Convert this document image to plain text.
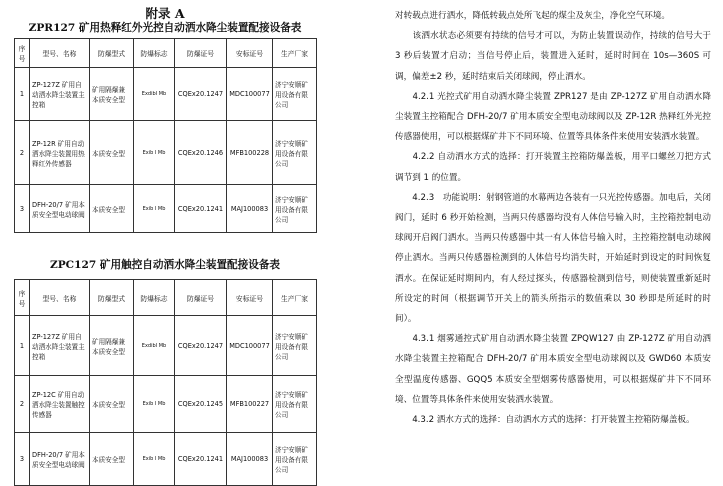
附录 A
ZPR127 矿用热释红外光控自动洒水降尘装置配接设备表
序号	型号、名称	防爆型式	防爆标志	防爆证号	安标证号	生产厂家
1	ZP-127Z 矿用自动洒水降尘装置主控箱	矿用隔爆兼本质安全型	ExdibI Mb	CQEx20.1247	MDC100077	济宁安顺矿用设备有限公司
2	ZP-12R 矿用自动洒水降尘装置用热释红外传感器	本质安全型	Exib I Mb	CQEx20.1246	MFB100228	济宁安顺矿用设备有限公司
3	DFH-20/7 矿用本质安全型电动球阀	本质安全型	Exib I Mb	CQEx20.1241	MAJ100083	济宁安顺矿用设备有限公司
ZPC127 矿用触控自动洒水降尘装置配接设备表
序号	型号、名称	防爆型式	防爆标志	防爆证号	安标证号	生产厂家
1	ZP-127Z 矿用自动洒水降尘装置主控箱	矿用隔爆兼本质安全型	ExdibI Mb	CQEx20.1247	MDC100077	济宁安顺矿用设备有限公司
2	ZP-12C 矿用自动洒水降尘装置触控传感器	本质安全型	Exib I Mb	CQEx20.1245	MFB100227	济宁安顺矿用设备有限公司
3	DFH-20/7 矿用本质安全型电动球阀	本质安全型	Exib I Mb	CQEx20.1241	MAJ100083	济宁安顺矿用设备有限公司

对转载点进行洒水，降低转载点处所飞起的煤尘及灰尘，净化空气环境。

　　该洒水状态必须要有持续的信号才可以，为防止装置误动作，持续的信号大于 3 秒后装置才启动；当信号停止后，装置进入延时，延时时间在 10s—360S 可调，偏差±2 秒，延时结束后关闭球阀，停止洒水。

　　4.2.1 光控式矿用自动洒水降尘装置 ZPR127 是由 ZP-127Z 矿用自动洒水降尘装置主控箱配合 DFH-20/7 矿用本质安全型电动球阀以及 ZP-12R 热释红外光控传感器使用，可以根据煤矿井下不同环境、位置等具体条件来使用安装洒水装置。

　　4.2.2 自动洒水方式的选择：打开装置主控箱防爆盖板，用平口螺丝刀把方式调节到 1 的位置。

　　4.2.3　功能说明：射钢管道的水幕两边各装有一只光控传感器。加电后，关闭阀门，延时 6 秒开始检测，当两只传感器均没有人体信号输入时，主控箱控制电动球阀开启阀门洒水。当两只传感器中其一有人体信号输入时，主控箱控制电动球阀停止洒水。当两只传感器检测到的人体信号均消失时，开始延时到设定的时间恢复洒水。在保证延时期间内，有人经过探头，传感器检测到信号，则使装置重新延时所设定的时间（根据调节开关上的箭头所指示的数值乘以 30 秒即是所延时的时间）。

　　4.3.1 烟雾通控式矿用自动洒水降尘装置 ZPQW127 由 ZP-127Z 矿用自动洒水降尘装置主控箱配合 DFH-20/7 矿用本质安全型电动球阀以及 GWD60 本质安全型温度传感器、GQQ5 本质安全型烟雾传感器使用，可以根据煤矿井下不同环境、位置等具体条件来使用安装洒水装置。

　　4.3.2 洒水方式的选择：自动洒水方式的选择：打开装置主控箱防爆盖板。
